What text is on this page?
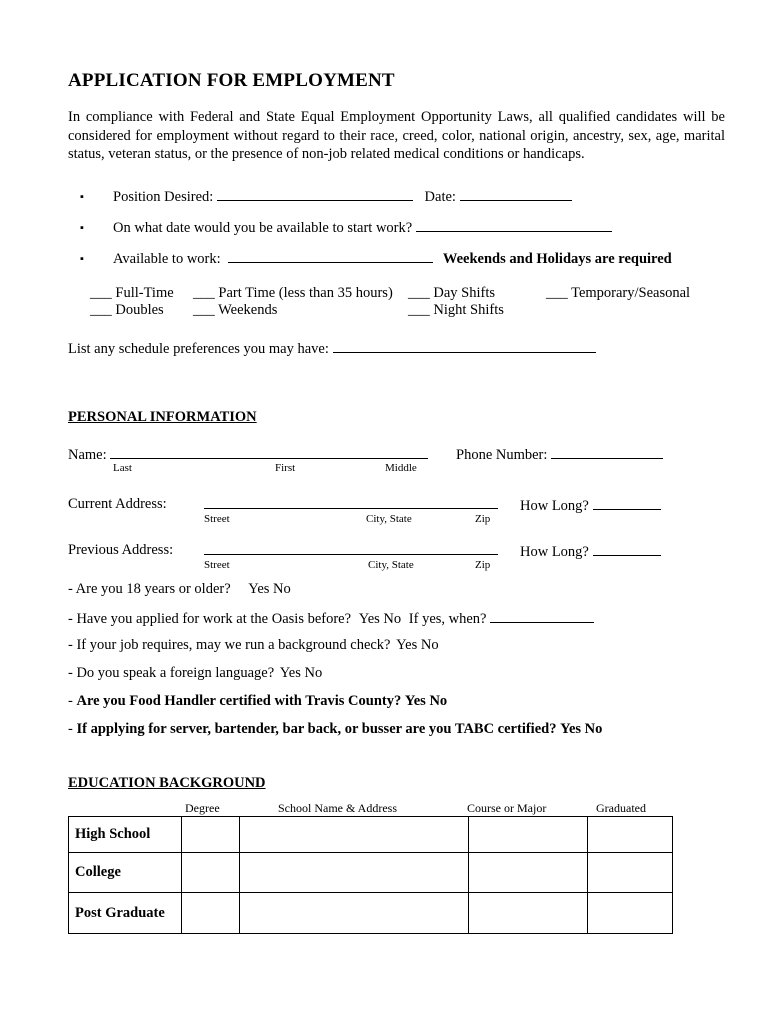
APPLICATION FOR EMPLOYMENT
In compliance with Federal and State Equal Employment Opportunity Laws, all qualified candidates will be considered for employment without regard to their race, creed, color, national origin, ancestry, sex, age, marital status, veteran status, or the presence of non-job related medical conditions or handicaps.
▪ Position Desired:	Date:
▪ On what date would you be available to start work?
▪ Available to work:	Weekends and Holidays are required
___ Full-Time ___ Part Time (less than 35 hours) ___ Day Shifts	___ Temporary/Seasonal
___ Doubles ___ Weekends	___ Night Shifts
List any schedule preferences you may have:
PERSONAL INFORMATION
Name:	Phone Number:
Last	First	Middle
Current Address:	How Long?
Street	City, State	Zip
Previous Address:	How Long?
Street	City, State	Zip
- Are you 18 years or older? Yes No
- Have you applied for work at the Oasis before? Yes No If yes, when?
- If your job requires, may we run a background check? Yes No
- Do you speak a foreign language? Yes No
- Are you Food Handler certified with Travis County? Yes No
- If applying for server, bartender, bar back, or busser are you TABC certified? Yes No
EDUCATION BACKGROUND
Degree	School Name & Address	Course or Major	Graduated
High School				
College				
Post Graduate				
